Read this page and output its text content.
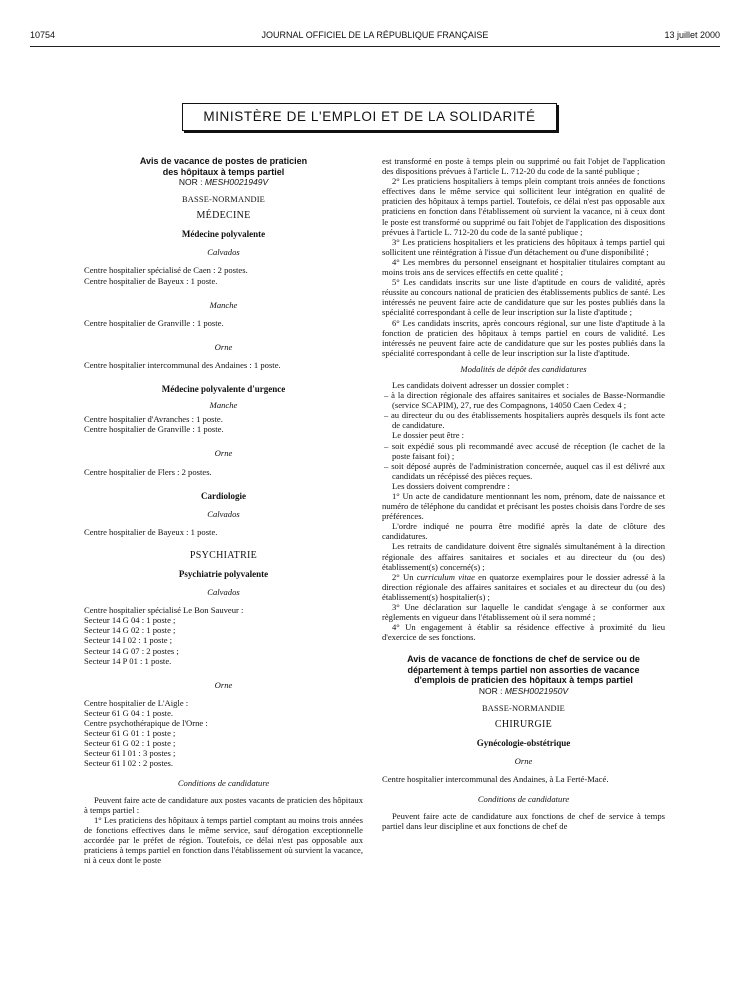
10754	JOURNAL OFFICIEL DE LA RÉPUBLIQUE FRANÇAISE	13 juillet 2000
MINISTÈRE DE L'EMPLOI ET DE LA SOLIDARITÉ

Avis de vacance de postes de praticien

des hôpitaux à temps partiel

NOR : MESH0021949V

BASSE-NORMANDIE

MÉDECINE

Médecine polyvalente

Calvados

Centre hospitalier spécialisé de Caen : 2 postes.

Centre hospitalier de Bayeux : 1 poste.

Manche

Centre hospitalier de Granville : 1 poste.

Orne

Centre hospitalier intercommunal des Andaines : 1 poste.

Médecine polyvalente d'urgence

Manche

Centre hospitalier d'Avranches : 1 poste.

Centre hospitalier de Granville : 1 poste.

Orne

Centre hospitalier de Flers : 2 postes.

Cardiologie

Calvados

Centre hospitalier de Bayeux : 1 poste.

PSYCHIATRIE

Psychiatrie polyvalente

Calvados

Centre hospitalier spécialisé Le Bon Sauveur :

Secteur 14 G 04 : 1 poste ;

Secteur 14 G 02 : 1 poste ;

Secteur 14 I 02 : 1 poste ;

Secteur 14 G 07 : 2 postes ;

Secteur 14 P 01 : 1 poste.

Orne

Centre hospitalier de L'Aigle :

Secteur 61 G 04 : 1 poste.

Centre psychothérapique de l'Orne :

Secteur 61 G 01 : 1 poste ;

Secteur 61 G 02 : 1 poste ;

Secteur 61 I 01 : 3 postes ;

Secteur 61 I 02 : 2 postes.

Conditions de candidature

Peuvent faire acte de candidature aux postes vacants de praticien des hôpitaux à temps partiel :

1° Les praticiens des hôpitaux à temps partiel comptant au moins trois années de fonctions effectives dans le même service, sauf dérogation exceptionnelle accordée par le préfet de région. Toutefois, ce délai n'est pas opposable aux praticiens à temps partiel en fonction dans l'établissement où survient la vacance, ni à ceux dont le poste

est transformé en poste à temps plein ou supprimé ou fait l'objet de l'application des dispositions prévues à l'article L. 712-20 du code de la santé publique ;

2° Les praticiens hospitaliers à temps plein comptant trois années de fonctions effectives dans le même service qui sollicitent leur intégration en qualité de praticien des hôpitaux à temps partiel. Toutefois, ce délai n'est pas opposable aux praticiens en fonction dans l'établissement où survient la vacance, ni à ceux dont le poste est transformé ou supprimé ou fait l'objet de l'application des dispositions prévues à l'article L. 712-20 du code de la santé publique ;

3° Les praticiens hospitaliers et les praticiens des hôpitaux à temps partiel qui sollicitent une réintégration à l'issue d'un détachement ou d'une disponibilité ;

4° Les membres du personnel enseignant et hospitalier titulaires comptant au moins trois ans de services effectifs en cette qualité ;

5° Les candidats inscrits sur une liste d'aptitude en cours de validité, après réussite au concours national de praticien des établissements publics de santé. Les intéressés ne peuvent faire acte de candidature que sur les postes publiés dans la spécialité correspondant à celle de leur inscription sur la liste d'aptitude ;

6° Les candidats inscrits, après concours régional, sur une liste d'aptitude à la fonction de praticien des hôpitaux à temps partiel en cours de validité. Les intéressés ne peuvent faire acte de candidature que sur les postes publiés dans la spécialité correspondant à celle de leur inscription sur la liste d'aptitude.

Modalités de dépôt des candidatures

Les candidats doivent adresser un dossier complet :

– à la direction régionale des affaires sanitaires et sociales de Basse-Normandie (service SCAPIM), 27, rue des Compagnons, 14050 Caen Cedex 4 ;

– au directeur du ou des établissements hospitaliers auprès desquels ils font acte de candidature.

Le dossier peut être :

– soit expédié sous pli recommandé avec accusé de réception (le cachet de la poste faisant foi) ;

– soit déposé auprès de l'administration concernée, auquel cas il est délivré aux candidats un récépissé des pièces reçues.

Les dossiers doivent comprendre :

1° Un acte de candidature mentionnant les nom, prénom, date de naissance et numéro de téléphone du candidat et précisant les postes choisis dans l'ordre de ses préférences.

L'ordre indiqué ne pourra être modifié après la date de clôture des candidatures.

Les retraits de candidature doivent être signalés simultanément à la direction régionale des affaires sanitaires et sociales et au directeur du (ou des) établissement(s) concerné(s) ;

2° Un curriculum vitae en quatorze exemplaires pour le dossier adressé à la direction régionale des affaires sanitaires et sociales et au directeur du (ou des) établissement(s) hospitalier(s) ;

3° Une déclaration sur laquelle le candidat s'engage à se conformer aux règlements en vigueur dans l'établissement où il sera nommé ;

4° Un engagement à établir sa résidence effective à proximité du lieu d'exercice de ses fonctions.

Avis de vacance de fonctions de chef de service ou de

département à temps partiel non assorties de vacance

d'emplois de praticien des hôpitaux à temps partiel

NOR : MESH0021950V

BASSE-NORMANDIE

CHIRURGIE

Gynécologie-obstétrique

Orne

Centre hospitalier intercommunal des Andaines, à La Ferté-Macé.

Conditions de candidature

Peuvent faire acte de candidature aux fonctions de chef de service à temps partiel dans leur discipline et aux fonctions de chef de
